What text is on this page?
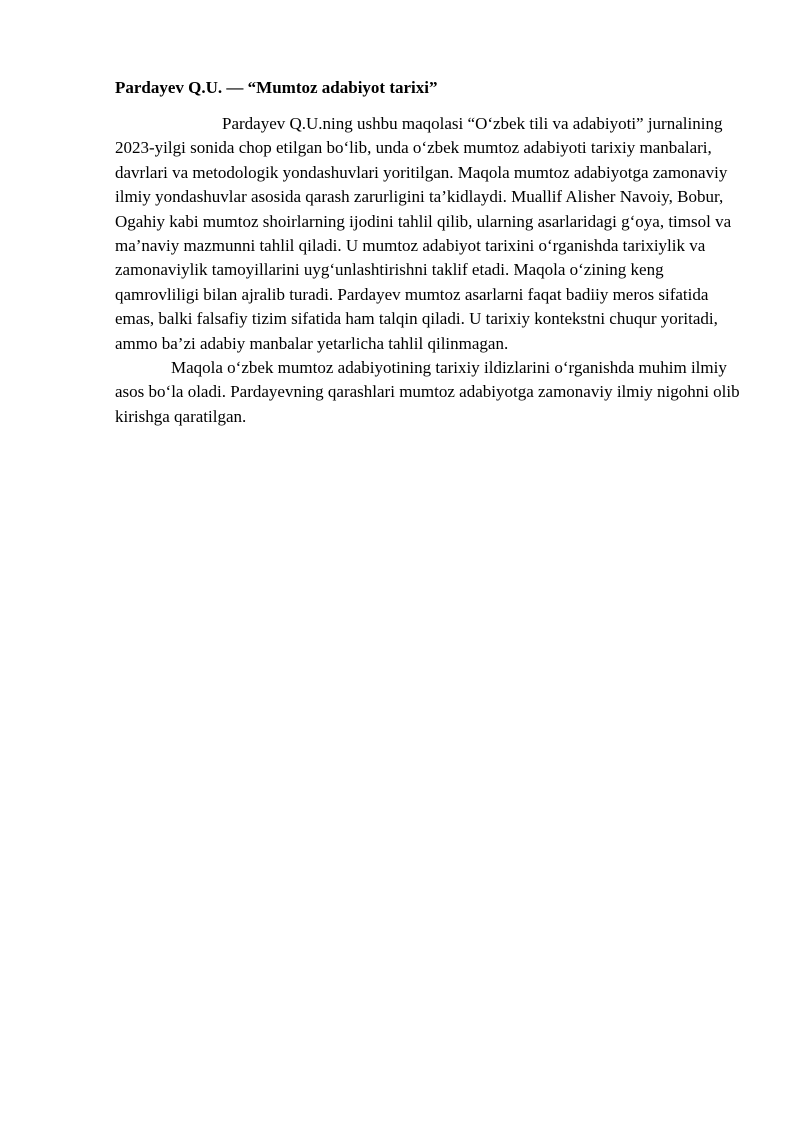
Pardayev Q.U. — “Mumtoz adabiyot tarixi”

Pardayev Q.U.ning ushbu maqolasi “O‘zbek tili va adabiyoti” jurnalining 2023-yilgi sonida chop etilgan bo‘lib, unda o‘zbek mumtoz adabiyoti tarixiy manbalari, davrlari va metodologik yondashuvlari yoritilgan. Maqola mumtoz adabiyotga zamonaviy ilmiy yondashuvlar asosida qarash zarurligini ta’kidlaydi. Muallif Alisher Navoiy, Bobur, Ogahiy kabi mumtoz shoirlarning ijodini tahlil qilib, ularning asarlaridagi g‘oya, timsol va ma’naviy mazmunni tahlil qiladi. U mumtoz adabiyot tarixini o‘rganishda tarixiylik va zamonaviylik tamoyillarini uyg‘unlashtirishni taklif etadi. Maqola o‘zining keng qamrovliligi bilan ajralib turadi. Pardayev mumtoz asarlarni faqat badiiy meros sifatida emas, balki falsafiy tizim sifatida ham talqin qiladi. U tarixiy kontekstni chuqur yoritadi, ammo ba’zi adabiy manbalar yetarlicha tahlil qilinmagan.

Maqola o‘zbek mumtoz adabiyotining tarixiy ildizlarini o‘rganishda muhim ilmiy asos bo‘la oladi. Pardayevning qarashlari mumtoz adabiyotga zamonaviy ilmiy nigohni olib kirishga qaratilgan.
